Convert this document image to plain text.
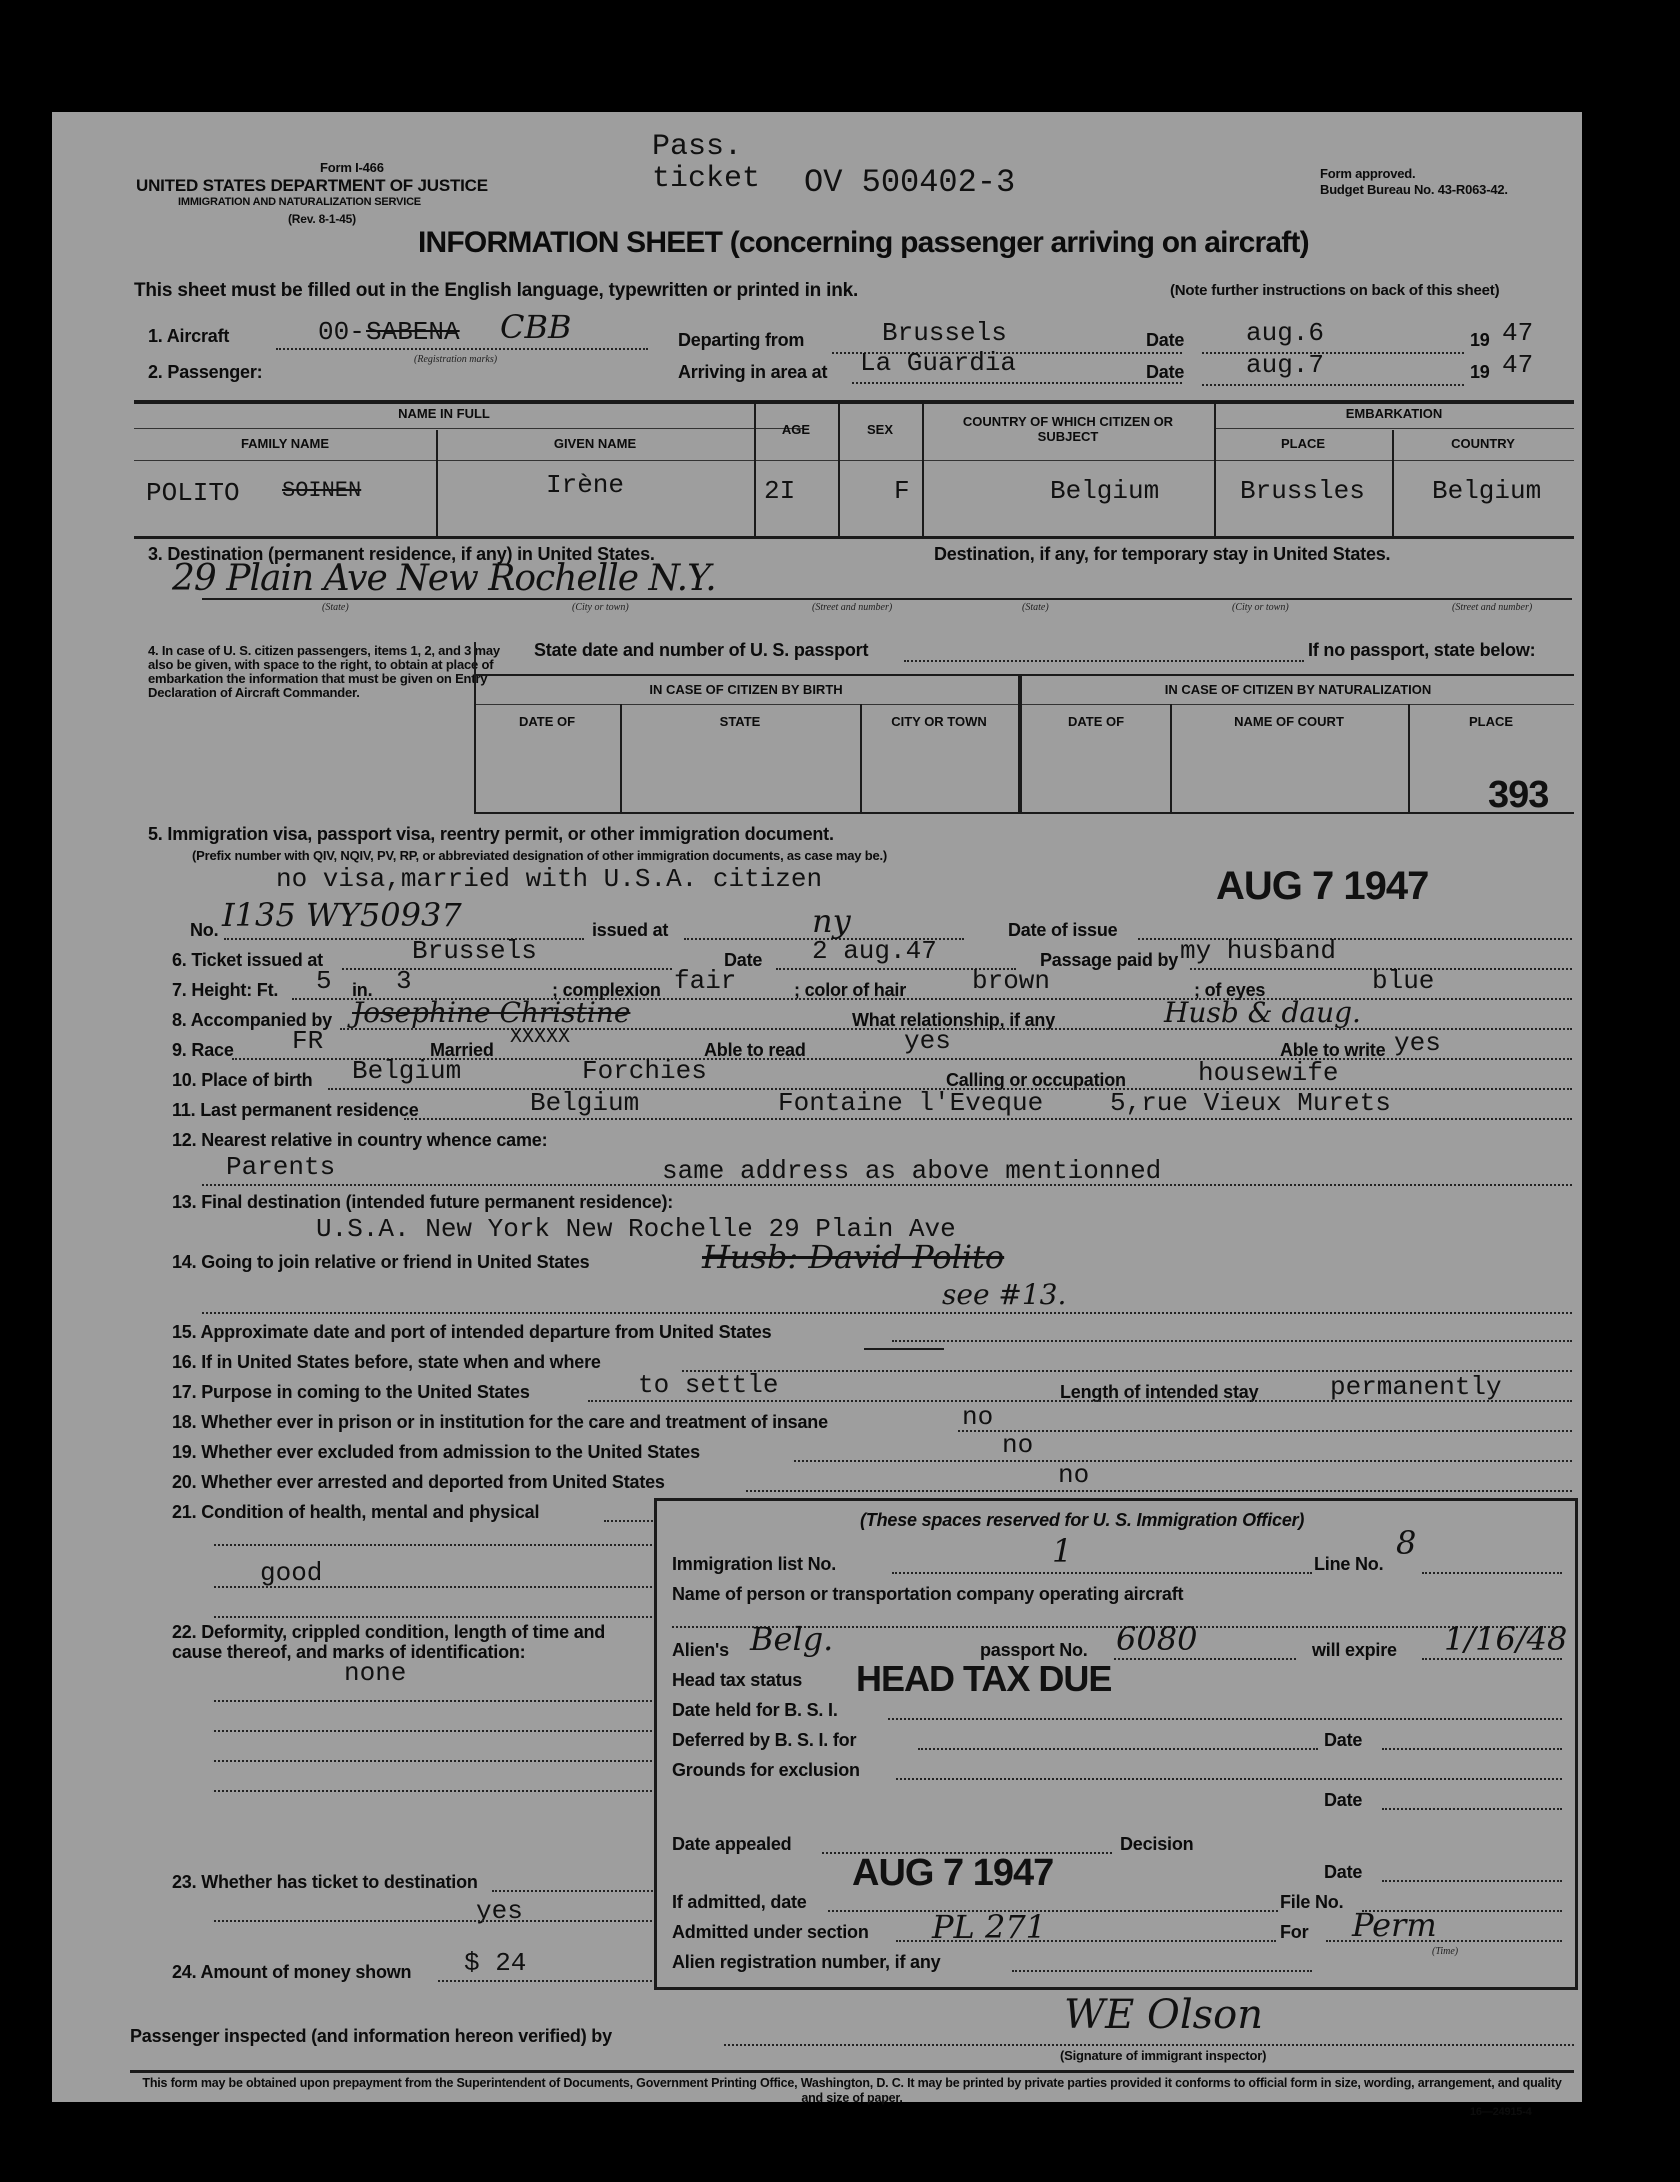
Form I-466
UNITED STATES DEPARTMENT OF JUSTICE
IMMIGRATION AND NATURALIZATION SERVICE
(Rev. 8-1-45)
Pass.
ticket OV 500402-3	Form approved.
Budget Bureau No. 43-R063-42.
INFORMATION SHEET (concerning passenger arriving on aircraft)
This sheet must be filled out in the English language, typewritten or printed in ink.	(Note further instructions on back of this sheet)
1. Aircraft	00- SABENA CBB
(Registration marks)
Departing from	Brussels	Date aug.6	19 47
2. Passenger:	Arriving in area at La Guardia	Date aug.7	19 47
NAME IN FULL
FAMILY NAME	GIVEN NAME
AGE	SEX
COUNTRY OF WHICH CITIZEN OR SUBJECT
EMBARKATION
PLACE	COUNTRY
POLITO SOINEN	Irène	2I	F	Belgium	Brussles	Belgium
3. Destination (permanent residence, if any) in United States.	Destination, if any, for temporary stay in United States.
29 Plain Ave New Rochelle N.Y.
(State)	(City or town)	(Street and number)	(State)	(City or town)	(Street and number)
4. In case of U. S. citizen passengers, items 1, 2, and 3 may also be given, with space to the right, to obtain at place of embarkation the information that must be given on Entry Declaration of Aircraft Commander.
State date and number of U. S. passport	If no passport, state below:
IN CASE OF CITIZEN BY BIRTH	IN CASE OF CITIZEN BY NATURALIZATION
DATE OF	STATE	CITY OR TOWN	DATE OF	NAME OF COURT	PLACE
393
5. Immigration visa, passport visa, reentry permit, or other immigration document.
(Prefix number with QIV, NQIV, PV, RP, or abbreviated designation of other immigration documents, as case may be.)
no visa,married with U.S.A. citizen	AUG 7 1947
No. I135 WY50937	issued at	ny	Date of issue
6. Ticket issued at	Brussels	Date 2 aug.47	Passage paid by my husband
7. Height: Ft. 5 in. 3	; complexion fair	; color of hair	brown	; of eyes	blue
8. Accompanied by Josephine Christine	What relationship, if any	Husb & daug.
9. Race FR	Married
XXXXX
Able to read	yes	Able to write yes
10. Place of birth Belgium	Forchies	Calling or occupation	housewife
11. Last permanent residence	Belgium	Fontaine l'Eveque	5,rue Vieux Murets
12. Nearest relative in country whence came:
Parents	same address as above mentionned
13. Final destination (intended future permanent residence):
U.S.A. New York New Rochelle 29 Plain Ave
14. Going to join relative or friend in United States	Husb: David Polito
see #13.
15. Approximate date and port of intended departure from United States
16. If in United States before, state when and where
17. Purpose in coming to the United States	to settle	Length of intended stay	permanently
18. Whether ever in prison or in institution for the care and treatment of insane	no
19. Whether ever excluded from admission to the United States	no
20. Whether ever arrested and deported from United States	no
21. Condition of health, mental and physical
good
22. Deformity, crippled condition, length of time and cause thereof, and marks of identification:
none
23. Whether has ticket to destination
yes
24. Amount of money shown $ 24
(These spaces reserved for U. S. Immigration Officer)
Immigration list No.	1	Line No.
8
Name of person or transportation company operating aircraft
Alien's Belg.	passport No. 6080	will expire 1/16/48
Head tax status HEAD TAX DUE
Date held for B. S. I.
Deferred by B. S. I. for	Date
Grounds for exclusion
Date
Date appealed	Decision
Date
AUG 7 1947
If admitted, date	File No.
Admitted under section PL 271	For Perm
(Time)
Alien registration number, if any
WE Olson
Passenger inspected (and information hereon verified) by
(Signature of immigrant inspector)
This form may be obtained upon prepayment from the Superintendent of Documents, Government Printing Office, Washington, D. C. It may be printed by private parties provided it conforms to official form in size, wording, arrangement, and quality and size of paper.
16—24915-4
